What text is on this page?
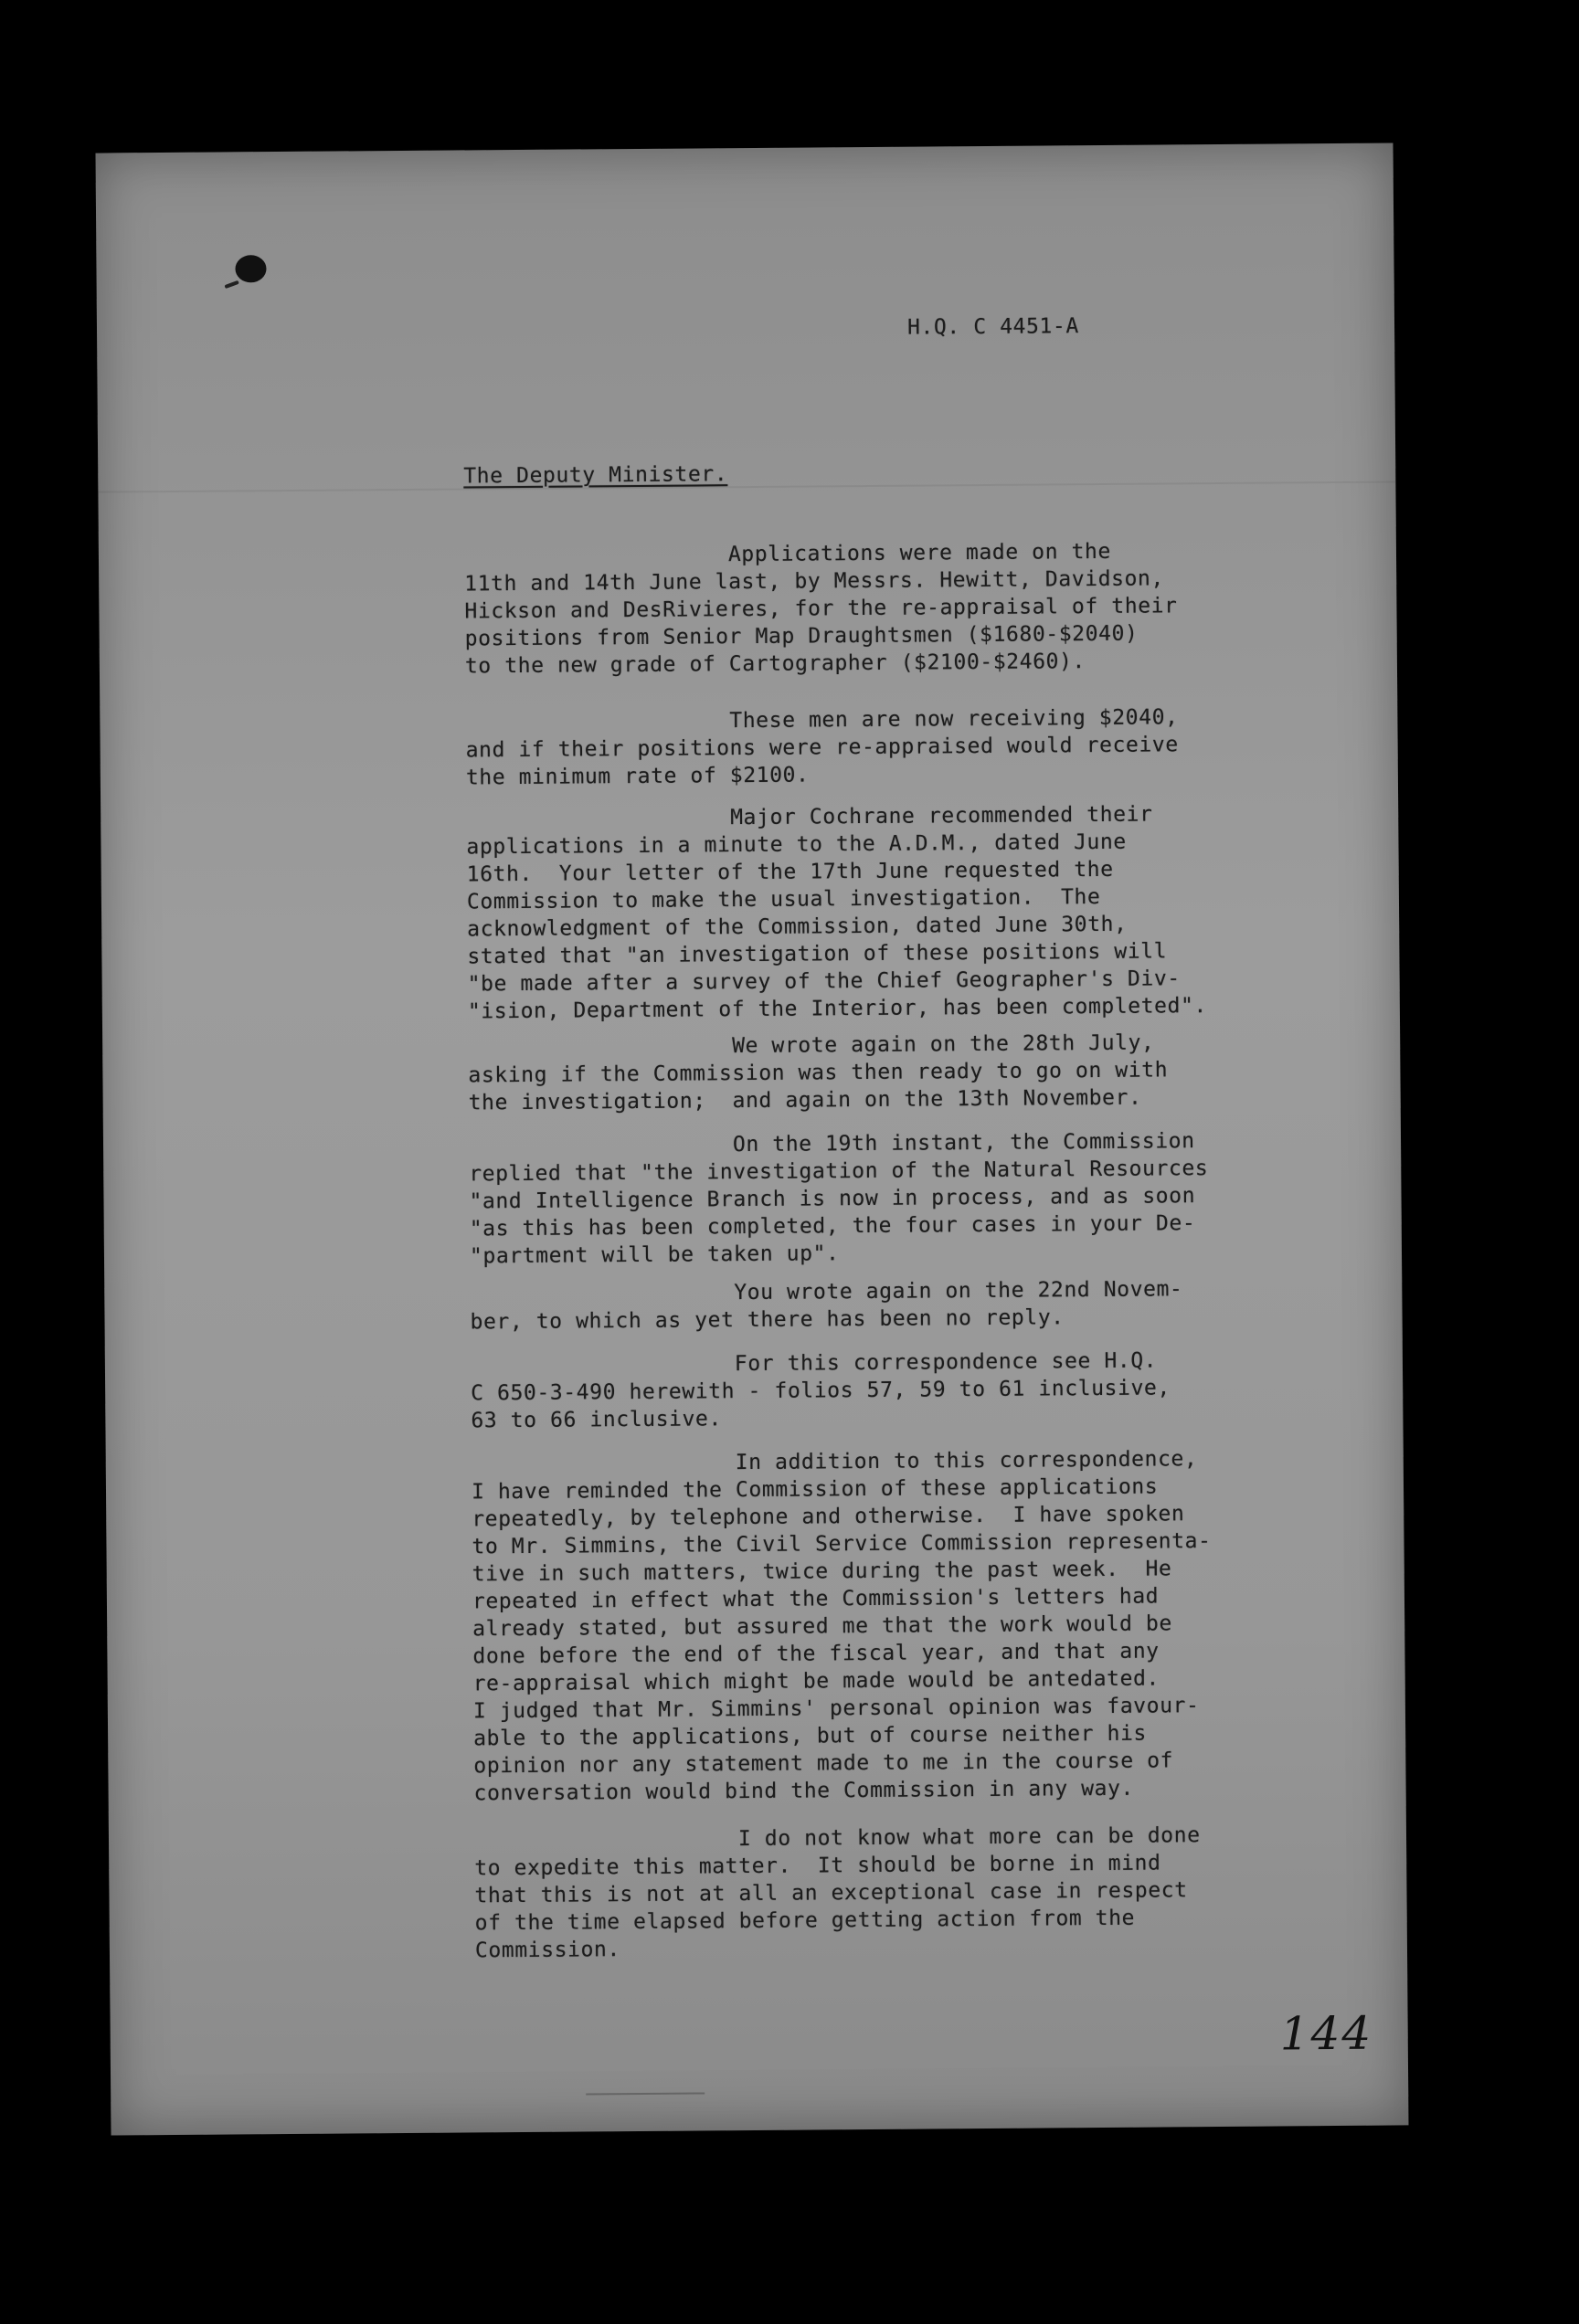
H.Q. C 4451-A
The Deputy Minister.
Applications were made on the
11th and 14th June last, by Messrs. Hewitt, Davidson,
Hickson and DesRivieres, for the re-appraisal of their
positions from Senior Map Draughtsmen ($1680-$2040)
to the new grade of Cartographer ($2100-$2460).
These men are now receiving $2040,
and if their positions were re-appraised would receive
the minimum rate of $2100.
Major Cochrane recommended their
applications in a minute to the A.D.M., dated June
16th.  Your letter of the 17th June requested the
Commission to make the usual investigation.  The
acknowledgment of the Commission, dated June 30th,
stated that "an investigation of these positions will
"be made after a survey of the Chief Geographer's Div-
"ision, Department of the Interior, has been completed".
We wrote again on the 28th July,
asking if the Commission was then ready to go on with
the investigation;  and again on the 13th November.
On the 19th instant, the Commission
replied that "the investigation of the Natural Resources
"and Intelligence Branch is now in process, and as soon
"as this has been completed, the four cases in your De-
"partment will be taken up".
You wrote again on the 22nd Novem-
ber, to which as yet there has been no reply.
For this correspondence see H.Q.
C 650-3-490 herewith - folios 57, 59 to 61 inclusive,
63 to 66 inclusive.
In addition to this correspondence,
I have reminded the Commission of these applications
repeatedly, by telephone and otherwise.  I have spoken
to Mr. Simmins, the Civil Service Commission representa-
tive in such matters, twice during the past week.  He
repeated in effect what the Commission's letters had
already stated, but assured me that the work would be
done before the end of the fiscal year, and that any
re-appraisal which might be made would be antedated.
I judged that Mr. Simmins' personal opinion was favour-
able to the applications, but of course neither his
opinion nor any statement made to me in the course of
conversation would bind the Commission in any way.
I do not know what more can be done
to expedite this matter.  It should be borne in mind
that this is not at all an exceptional case in respect
of the time elapsed before getting action from the
Commission.
144
